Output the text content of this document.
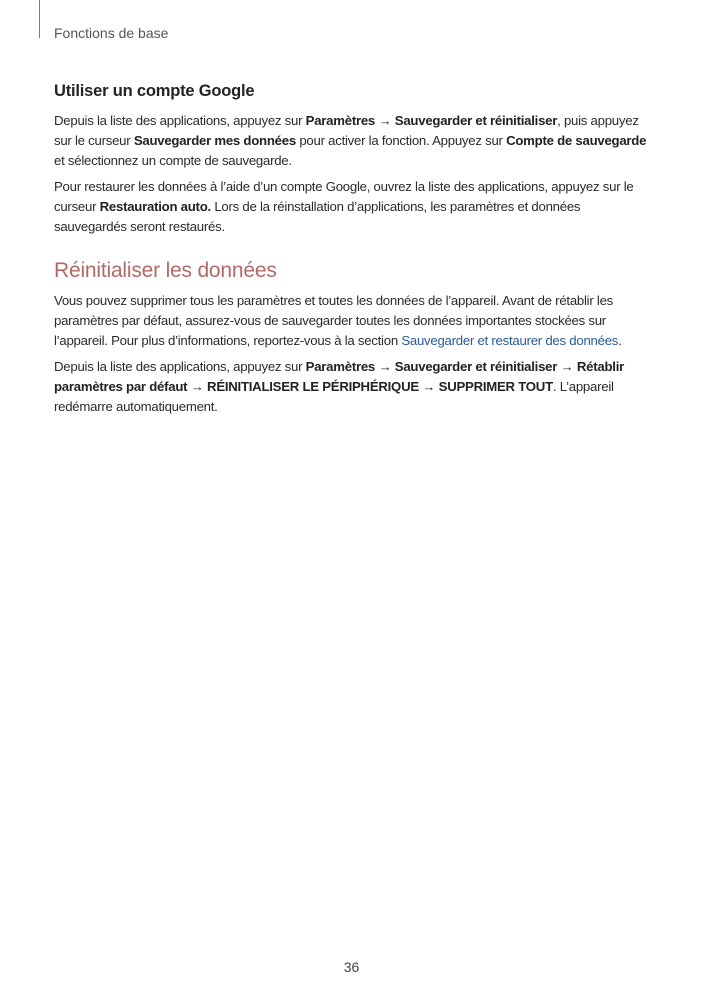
Fonctions de base
Utiliser un compte Google

Depuis la liste des applications, appuyez sur Paramètres → Sauvegarder et réinitialiser, puis appuyez sur le curseur Sauvegarder mes données pour activer la fonction. Appuyez sur Compte de sauvegarde et sélectionnez un compte de sauvegarde.

Pour restaurer les données à l’aide d’un compte Google, ouvrez la liste des applications, appuyez sur le curseur Restauration auto. Lors de la réinstallation d’applications, les paramètres et données sauvegardés seront restaurés.

Réinitialiser les données

Vous pouvez supprimer tous les paramètres et toutes les données de l’appareil. Avant de rétablir les paramètres par défaut, assurez-vous de sauvegarder toutes les données importantes stockées sur l’appareil. Pour plus d’informations, reportez-vous à la section Sauvegarder et restaurer des données.

Depuis la liste des applications, appuyez sur Paramètres → Sauvegarder et réinitialiser → Rétablir paramètres par défaut → RÉINITIALISER LE PÉRIPHÉRIQUE → SUPPRIMER TOUT. L’appareil redémarre automatiquement.

36
